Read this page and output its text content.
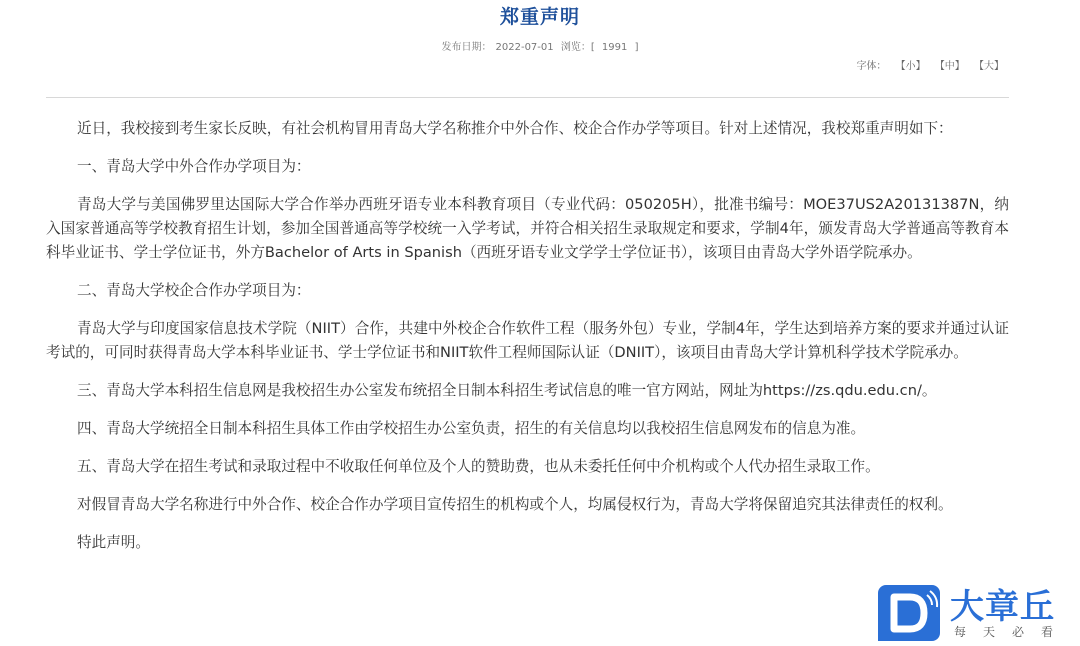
郑重声明
发布日期： 2022-07-01 浏览：[ 1991 ]
字体： 【小】 【中】 【大】

近日，我校接到考生家长反映，有社会机构冒用青岛大学名称推介中外合作、校企合作办学等项目。针对上述情况，我校郑重声明如下：

一、青岛大学中外合作办学项目为：

青岛大学与美国佛罗里达国际大学合作举办西班牙语专业本科教育项目（专业代码：050205H），批准书编号：MOE37US2A20131387N，纳入国家普通高等学校教育招生计划，参加全国普通高等学校统一入学考试，并符合相关招生录取规定和要求，学制4年，颁发青岛大学普通高等教育本科毕业证书、学士学位证书，外方Bachelor of Arts in Spanish（西班牙语专业文学学士学位证书），该项目由青岛大学外语学院承办。

二、青岛大学校企合作办学项目为：

青岛大学与印度国家信息技术学院（NIIT）合作，共建中外校企合作软件工程（服务外包）专业，学制4年，学生达到培养方案的要求并通过认证考试的，可同时获得青岛大学本科毕业证书、学士学位证书和NIIT软件工程师国际认证（DNIIT），该项目由青岛大学计算机科学技术学院承办。

三、青岛大学本科招生信息网是我校招生办公室发布统招全日制本科招生考试信息的唯一官方网站，网址为https://zs.qdu.edu.cn/。

四、青岛大学统招全日制本科招生具体工作由学校招生办公室负责，招生的有关信息均以我校招生信息网发布的信息为准。

五、青岛大学在招生考试和录取过程中不收取任何单位及个人的赞助费，也从未委托任何中介机构或个人代办招生录取工作。

对假冒青岛大学名称进行中外合作、校企合作办学项目宣传招生的机构或个人，均属侵权行为，青岛大学将保留追究其法律责任的权利。

特此声明。

大章丘
每天必看
